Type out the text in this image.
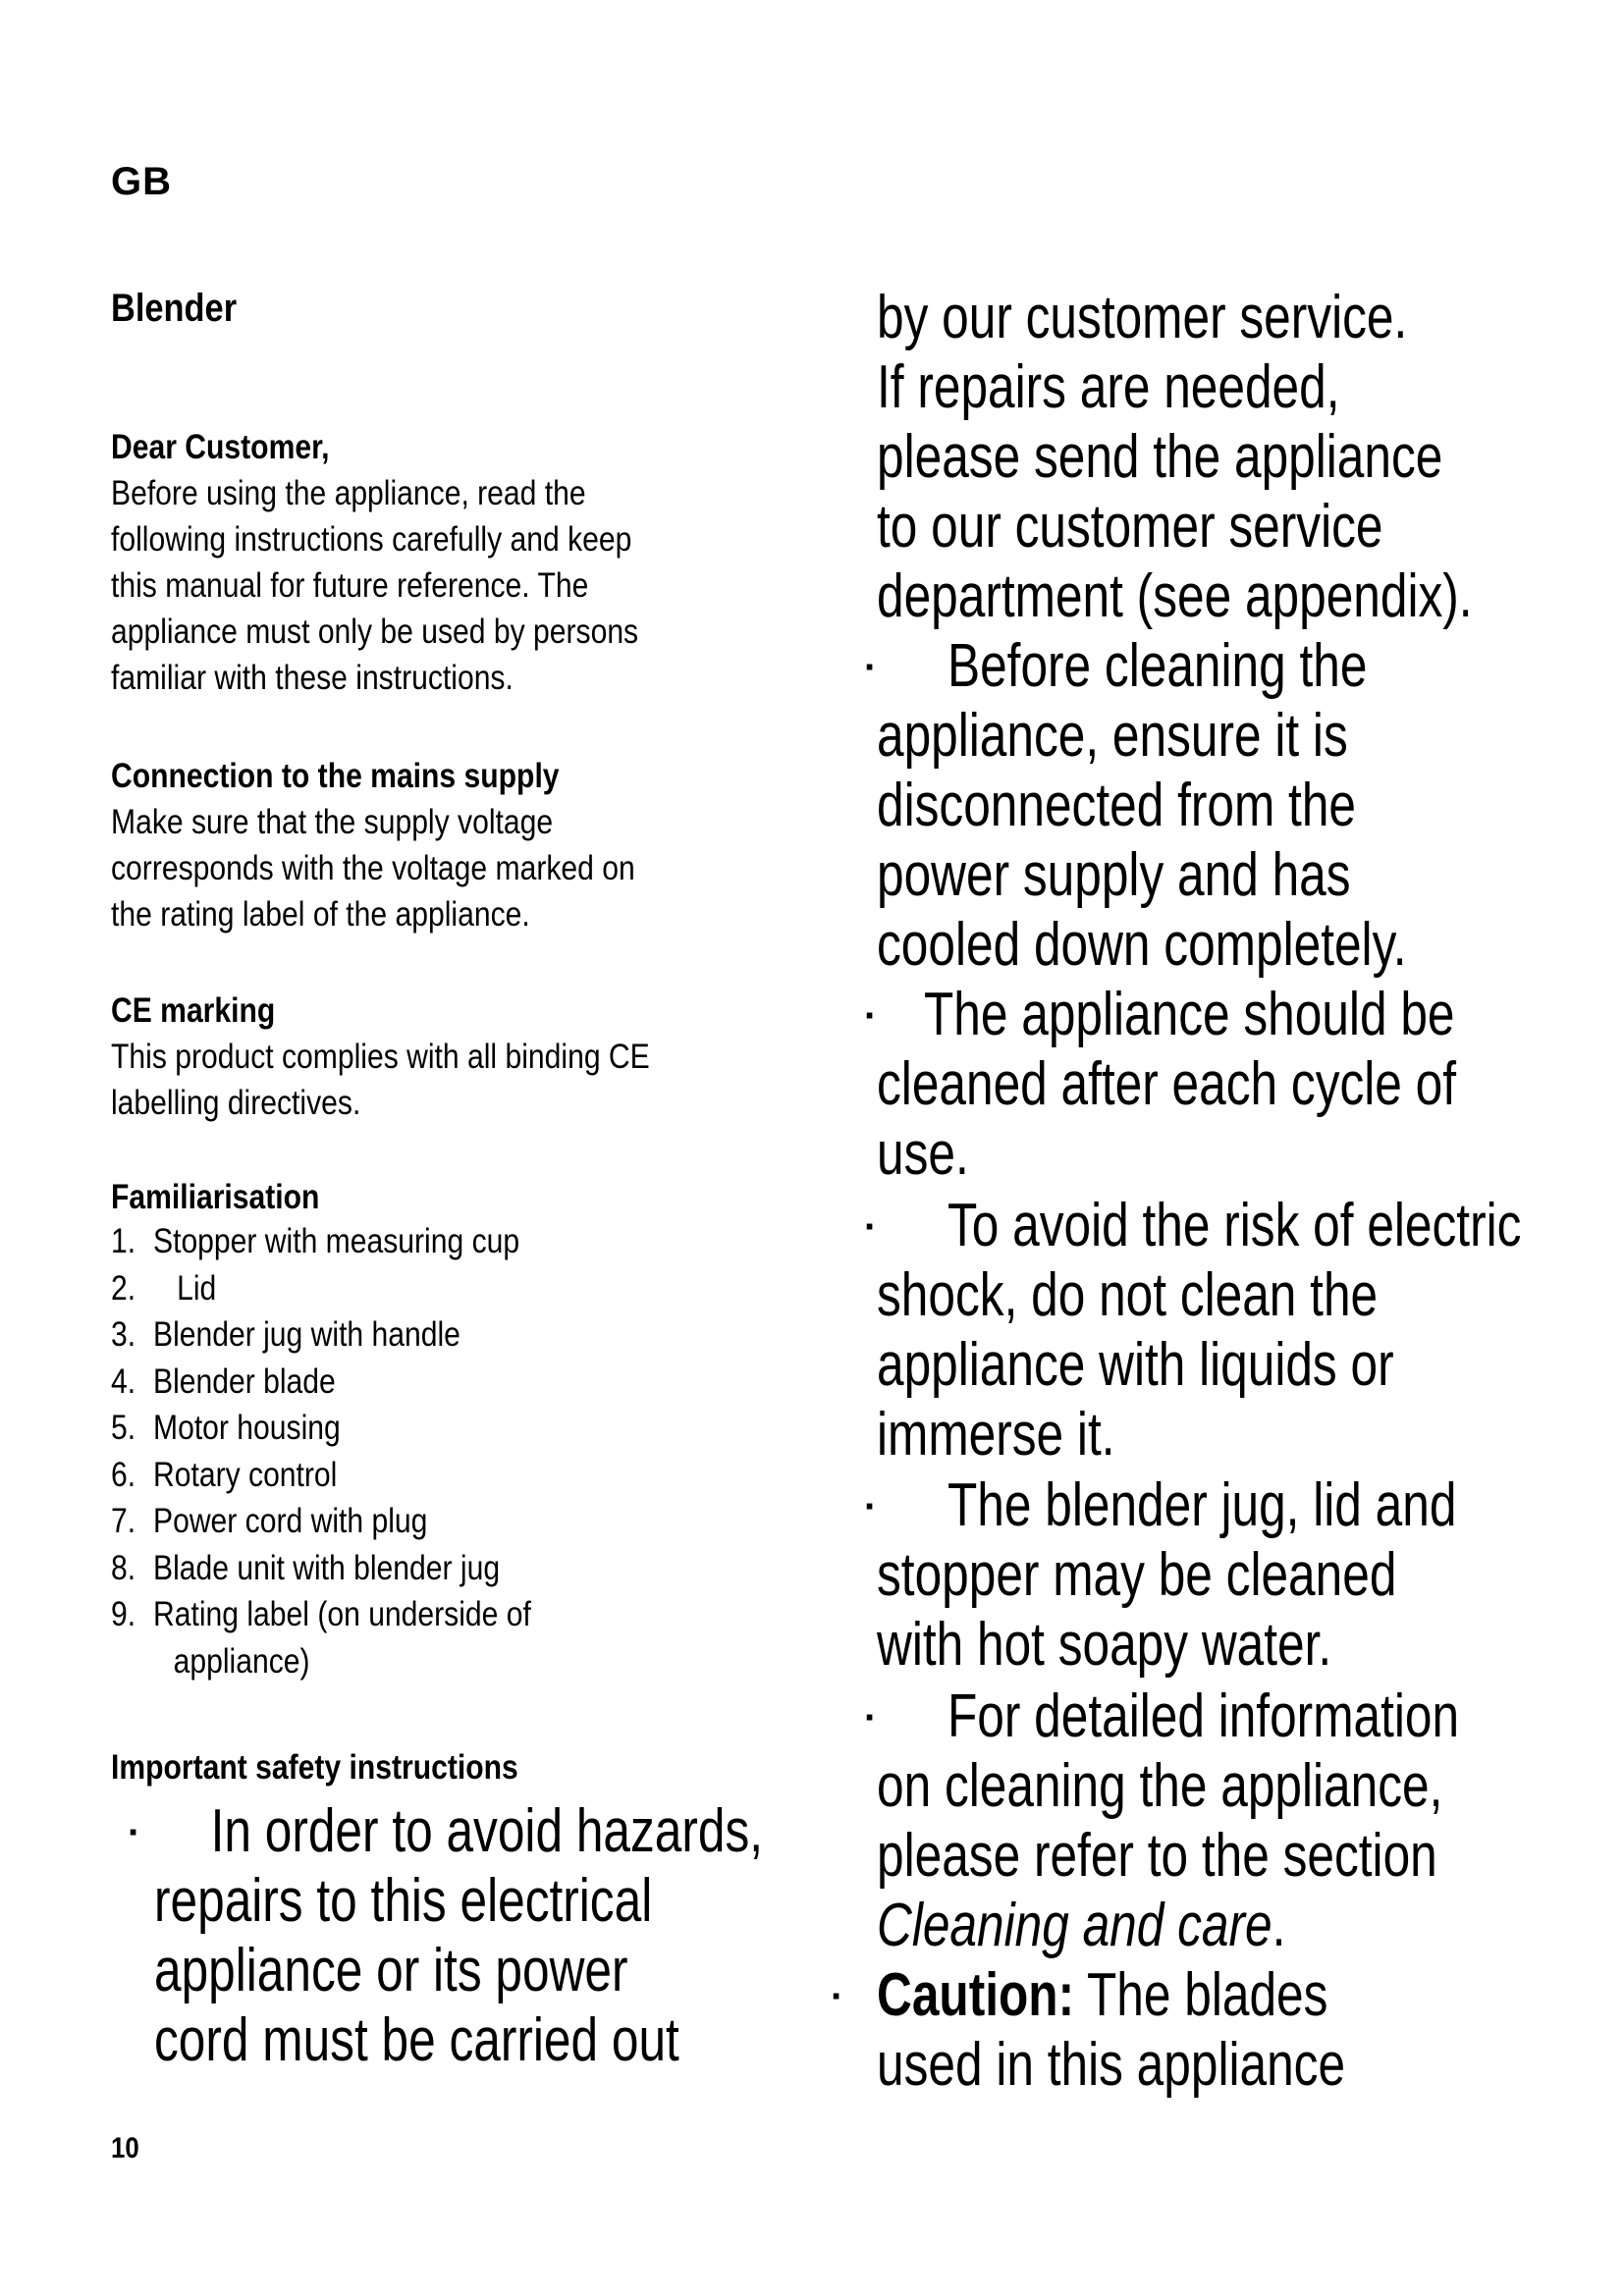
GB
Blender
Dear Customer,
Before using the appliance, read the
following instructions carefully and keep
this manual for future reference. The
appliance must only be used by persons
familiar with these instructions.
Connection to the mains supply
Make sure that the supply voltage
corresponds with the voltage marked on
the rating label of the appliance.
CE marking
This product complies with all binding CE
labelling directives.
Familiarisation
1. Stopper with measuring cup
2. Lid
3. Blender jug with handle
4. Blender blade
5. Motor housing
6. Rotary control
7. Power cord with plug
8. Blade unit with blender jug
9. Rating label (on underside of
appliance)
Important safety instructions
·	In order to avoid hazards,
repairs to this electrical
appliance or its power
cord must be carried out
by our customer service.
If repairs are needed,
please send the appliance
to our customer service
department (see appendix).
·	Before cleaning the
appliance, ensure it is
disconnected from the
power supply and has
cooled down completely.
· The appliance should be
cleaned after each cycle of
use.
·	To avoid the risk of electric
shock, do not clean the
appliance with liquids or
immerse it.
·	The blender jug, lid and
stopper may be cleaned
with hot soapy water.
·	For detailed information
on cleaning the appliance,
please refer to the section
Cleaning and care.
· Caution: The blades
used in this appliance
10
